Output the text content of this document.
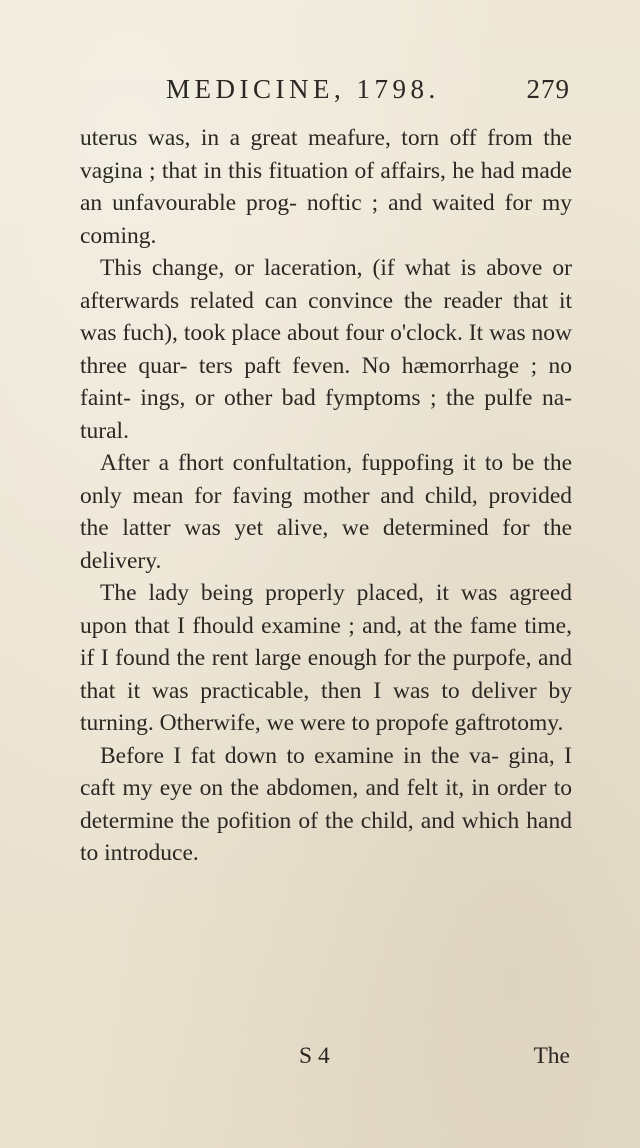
MEDICINE, 1798.	279

uterus was, in a great meafure, torn off from the vagina ; that in this fituation of affairs, he had made an unfavourable prog- noftic ; and waited for my coming.

This change, or laceration, (if what is above or afterwards related can convince the reader that it was fuch), took place about four o'clock. It was now three quar- ters paft feven. No hæmorrhage ; no faint- ings, or other bad fymptoms ; the pulfe na- tural.

After a fhort confultation, fuppofing it to be the only mean for faving mother and child, provided the latter was yet alive, we determined for the delivery.

The lady being properly placed, it was agreed upon that I fhould examine ; and, at the fame time, if I found the rent large enough for the purpofe, and that it was practicable, then I was to deliver by turning. Otherwife, we were to propofe gaftrotomy.

Before I fat down to examine in the va- gina, I caft my eye on the abdomen, and felt it, in order to determine the pofition of the child, and which hand to introduce.

S 4	The
